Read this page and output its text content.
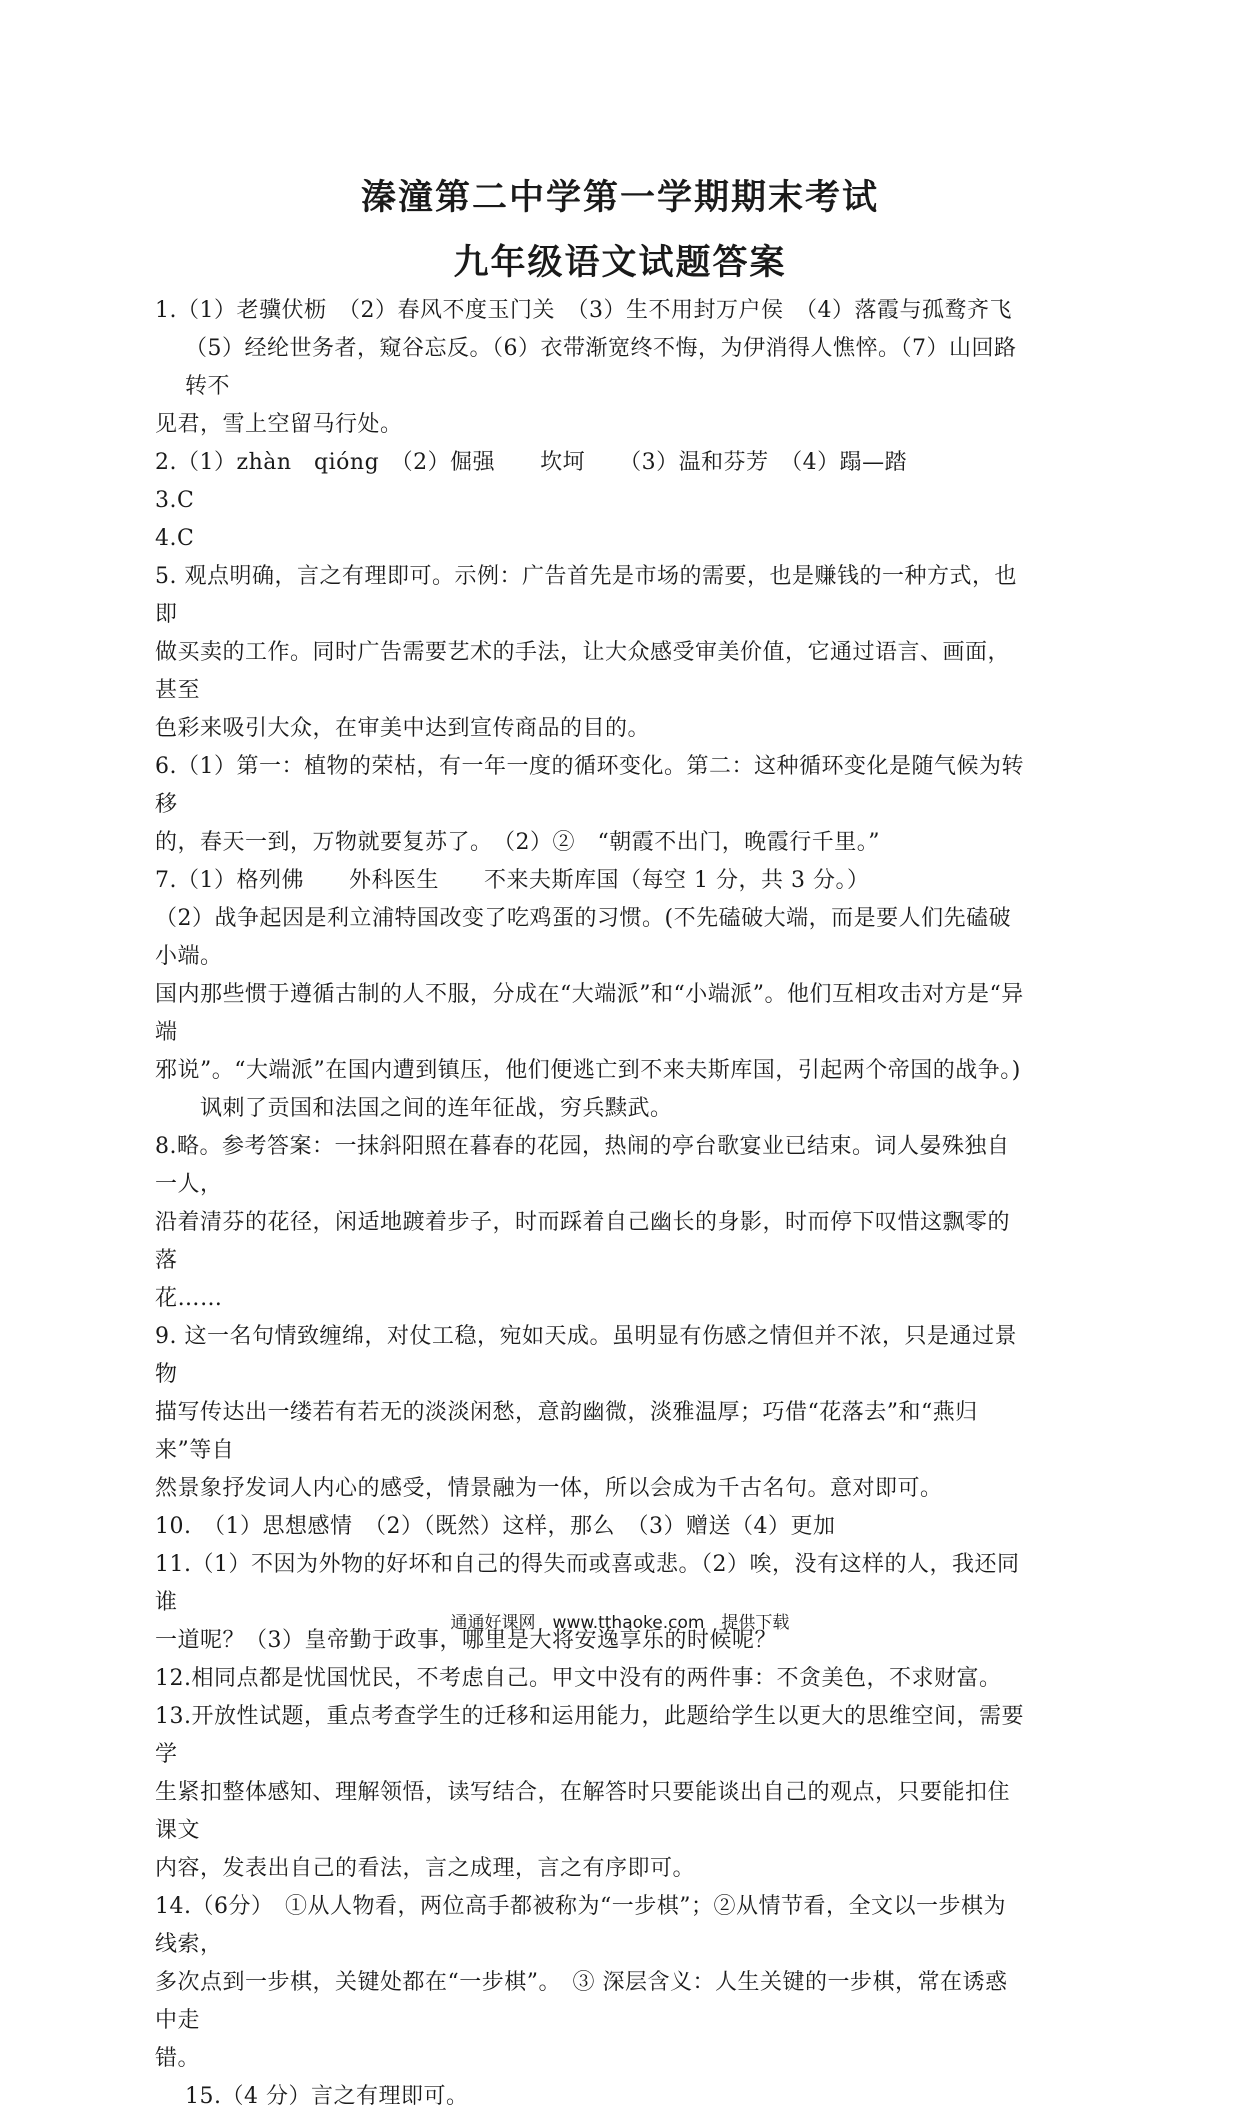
溱潼第二中学第一学期期末考试
九年级语文试题答案

1.（1）老骥伏枥　（2）春风不度玉门关　（3）生不用封万户侯　（4）落霞与孤鹜齐飞

（5）经纶世务者，窥谷忘反。（6）衣带渐宽终不悔，为伊消得人憔悴。（7）山回路转不

见君，雪上空留马行处。

2.（1）zhàn　qióng　（2）倔强　　坎坷　　（3）温和芬芳　（4）蹋—踏

3.C

4.C

5. 观点明确，言之有理即可。示例：广告首先是市场的需要，也是赚钱的一种方式，也即

做买卖的工作。同时广告需要艺术的手法，让大众感受审美价值，它通过语言、画面，甚至

色彩来吸引大众，在审美中达到宣传商品的目的。

6.（1）第一：植物的荣枯，有一年一度的循环变化。第二：这种循环变化是随气候为转移

的，春天一到，万物就要复苏了。　（2）②　“朝霞不出门，晚霞行千里。”

7.（1）格列佛　　外科医生　　不来夫斯库国（每空 1 分，共 3 分。）

（2）战争起因是利立浦特国改变了吃鸡蛋的习惯。(不先磕破大端，而是要人们先磕破小端。

国内那些惯于遵循古制的人不服，分成在“大端派”和“小端派”。他们互相攻击对方是“异端

邪说”。“大端派”在国内遭到镇压，他们便逃亡到不来夫斯库国，引起两个帝国的战争。)

讽刺了贡国和法国之间的连年征战，穷兵黩武。

8.略。参考答案：一抹斜阳照在暮春的花园，热闹的亭台歌宴业已结束。词人晏殊独自一人，

沿着清芬的花径，闲适地踱着步子，时而踩着自己幽长的身影，时而停下叹惜这飘零的落

花……

9. 这一名句情致缠绵，对仗工稳，宛如天成。虽明显有伤感之情但并不浓，只是通过景物

描写传达出一缕若有若无的淡淡闲愁，意韵幽微，淡雅温厚；巧借“花落去”和“燕归来”等自

然景象抒发词人内心的感受，情景融为一体，所以会成为千古名句。意对即可。

10.　（1）思想感情　（2）（既然）这样，那么　（3）赠送（4）更加

11.（1）不因为外物的好坏和自己的得失而或喜或悲。（2）唉，没有这样的人，我还同谁

一道呢？（3）皇帝勤于政事，哪里是大将安逸享乐的时候呢？

12.相同点都是忧国忧民，不考虑自己。甲文中没有的两件事：不贪美色，不求财富。

13.开放性试题，重点考查学生的迁移和运用能力，此题给学生以更大的思维空间，需要学

生紧扣整体感知、理解领悟，读写结合，在解答时只要能谈出自己的观点，只要能扣住课文

内容，发表出自己的看法，言之成理，言之有序即可。

14.（6分）　①从人物看，两位高手都被称为“一步棋”；②从情节看，全文以一步棋为线索，

多次点到一步棋，关键处都在“一步棋”。　③ 深层含义：人生关键的一步棋，常在诱惑中走

错。

15.（4 分）言之有理即可。

通通好课网　www.tthaoke.com　提供下载
